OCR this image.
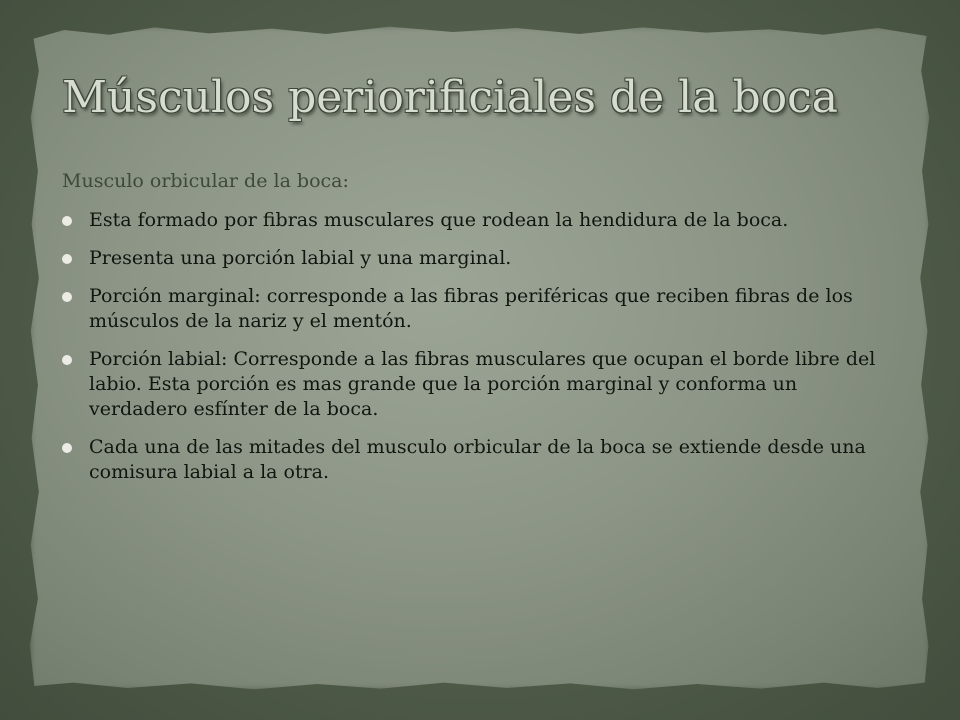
Músculos periorificiales de la boca

Musculo orbicular de la boca:

Esta formado por fibras musculares que rodean la hendidura de la boca.
Presenta una porción labial y una marginal.
Porción marginal: corresponde a las fibras periféricas que reciben fibras de los músculos de la nariz y el mentón.
Porción labial: Corresponde a las fibras musculares que ocupan el borde libre del labio. Esta porción es mas grande que la porción marginal y conforma un verdadero esfínter de la boca.
Cada una de las mitades del musculo orbicular de la boca se extiende desde una comisura labial a la otra.
